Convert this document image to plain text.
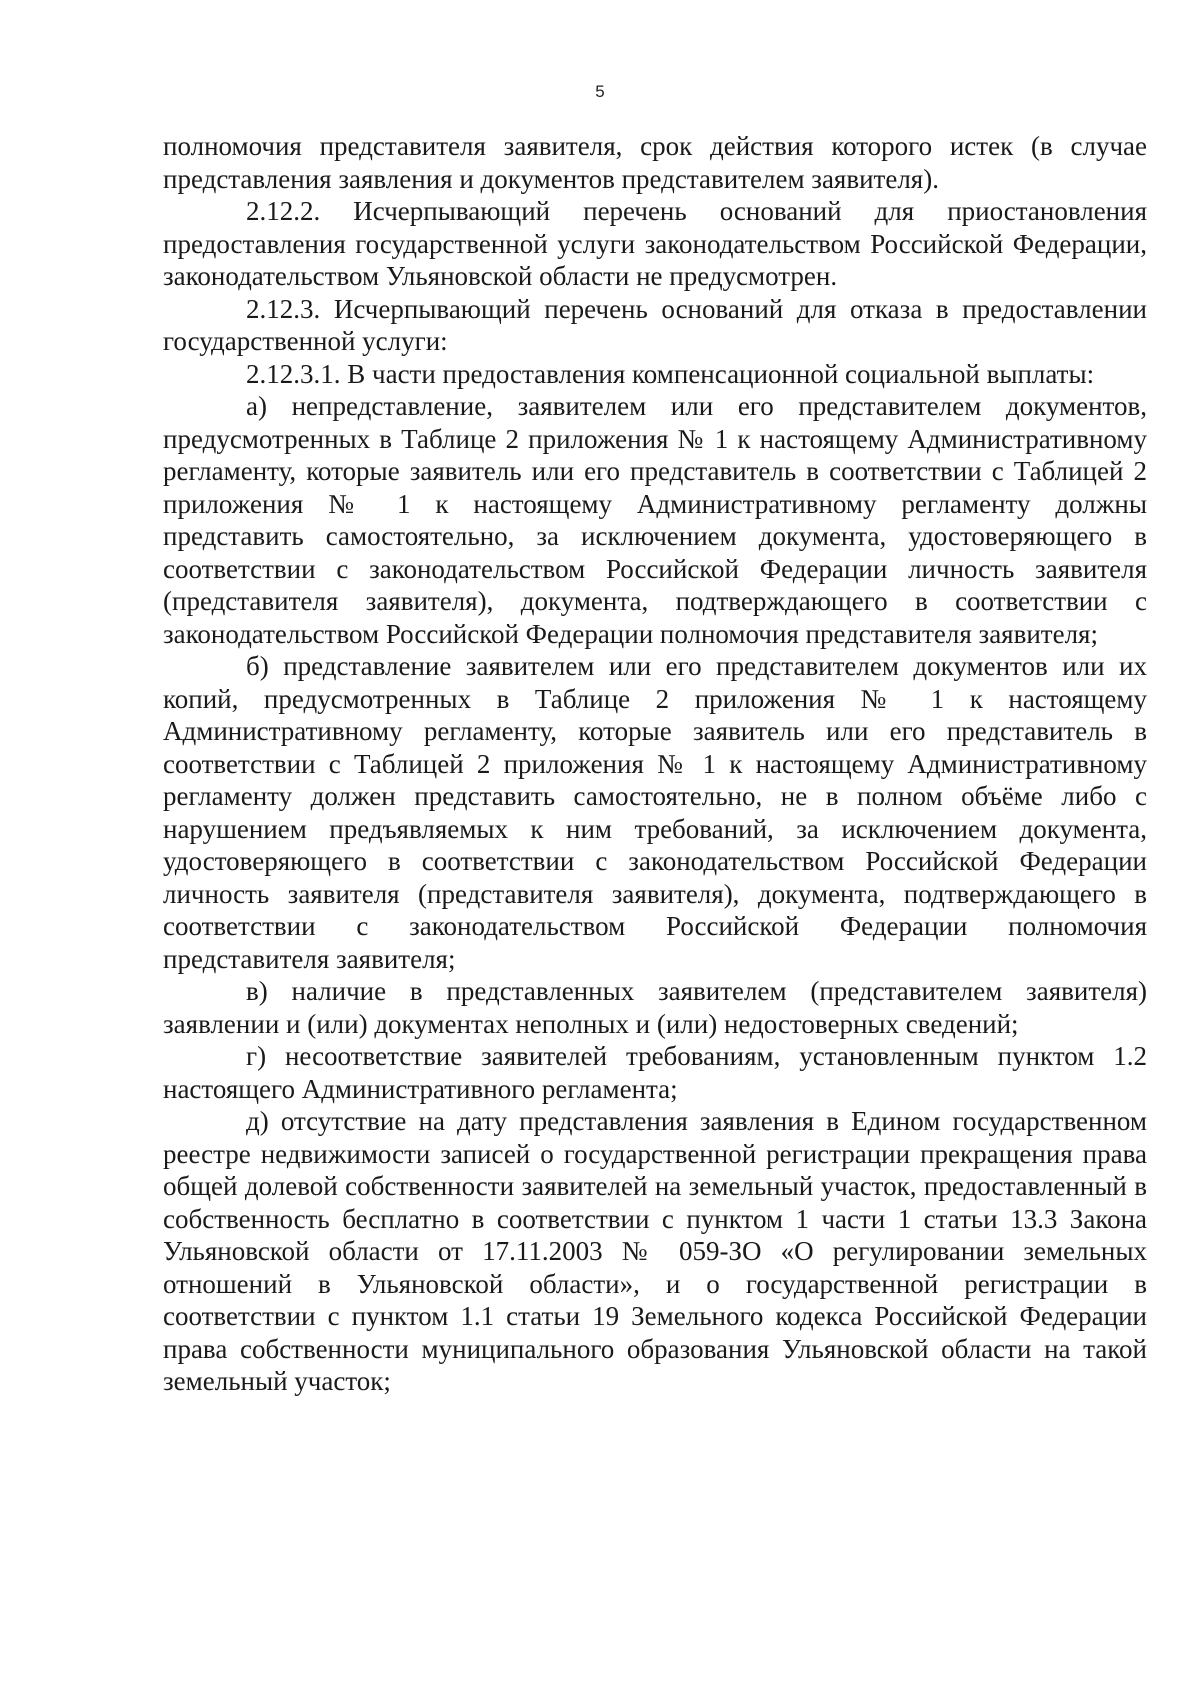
5

полномочия представителя заявителя, срок действия которого истек (в случае представления заявления и документов представителем заявителя).

2.12.2. Исчерпывающий перечень оснований для приостановления предоставления государственной услуги законодательством Российской Федерации, законодательством Ульяновской области не предусмотрен.

2.12.3. Исчерпывающий перечень оснований для отказа в предоставлении государственной услуги:

2.12.3.1. В части предоставления компенсационной социальной выплаты:

а) непредставление, заявителем или его представителем документов, предусмотренных в Таблице 2 приложения № 1 к настоящему Административному регламенту, которые заявитель или его представитель в соответствии с Таблицей 2 приложения № 1 к настоящему Административному регламенту должны представить самостоятельно, за исключением документа, удостоверяющего в соответствии с законодательством Российской Федерации личность заявителя (представителя заявителя), документа, подтверждающего в соответствии с законодательством Российской Федерации полномочия представителя заявителя;

б) представление заявителем или его представителем документов или их копий, предусмотренных в Таблице 2 приложения № 1 к настоящему Административному регламенту, которые заявитель или его представитель в соответствии с Таблицей 2 приложения № 1 к настоящему Административному регламенту должен представить самостоятельно, не в полном объёме либо с нарушением предъявляемых к ним требований, за исключением документа, удостоверяющего в соответствии с законодательством Российской Федерации личность заявителя (представителя заявителя), документа, подтверждающего в соответствии с законодательством Российской Федерации полномочия представителя заявителя;

в) наличие в представленных заявителем (представителем заявителя) заявлении и (или) документах неполных и (или) недостоверных сведений;

г) несоответствие заявителей требованиям, установленным пунктом 1.2 настоящего Административного регламента;

д) отсутствие на дату представления заявления в Едином государственном реестре недвижимости записей о государственной регистрации прекращения права общей долевой собственности заявителей на земельный участок, предоставленный в собственность бесплатно в соответствии с пунктом 1 части 1 статьи 13.3 Закона Ульяновской области от 17.11.2003 № 059-ЗО «О регулировании земельных отношений в Ульяновской области», и о государственной регистрации в соответствии с пунктом 1.1 статьи 19 Земельного кодекса Российской Федерации права собственности муниципального образования Ульяновской области на такой земельный участок;
